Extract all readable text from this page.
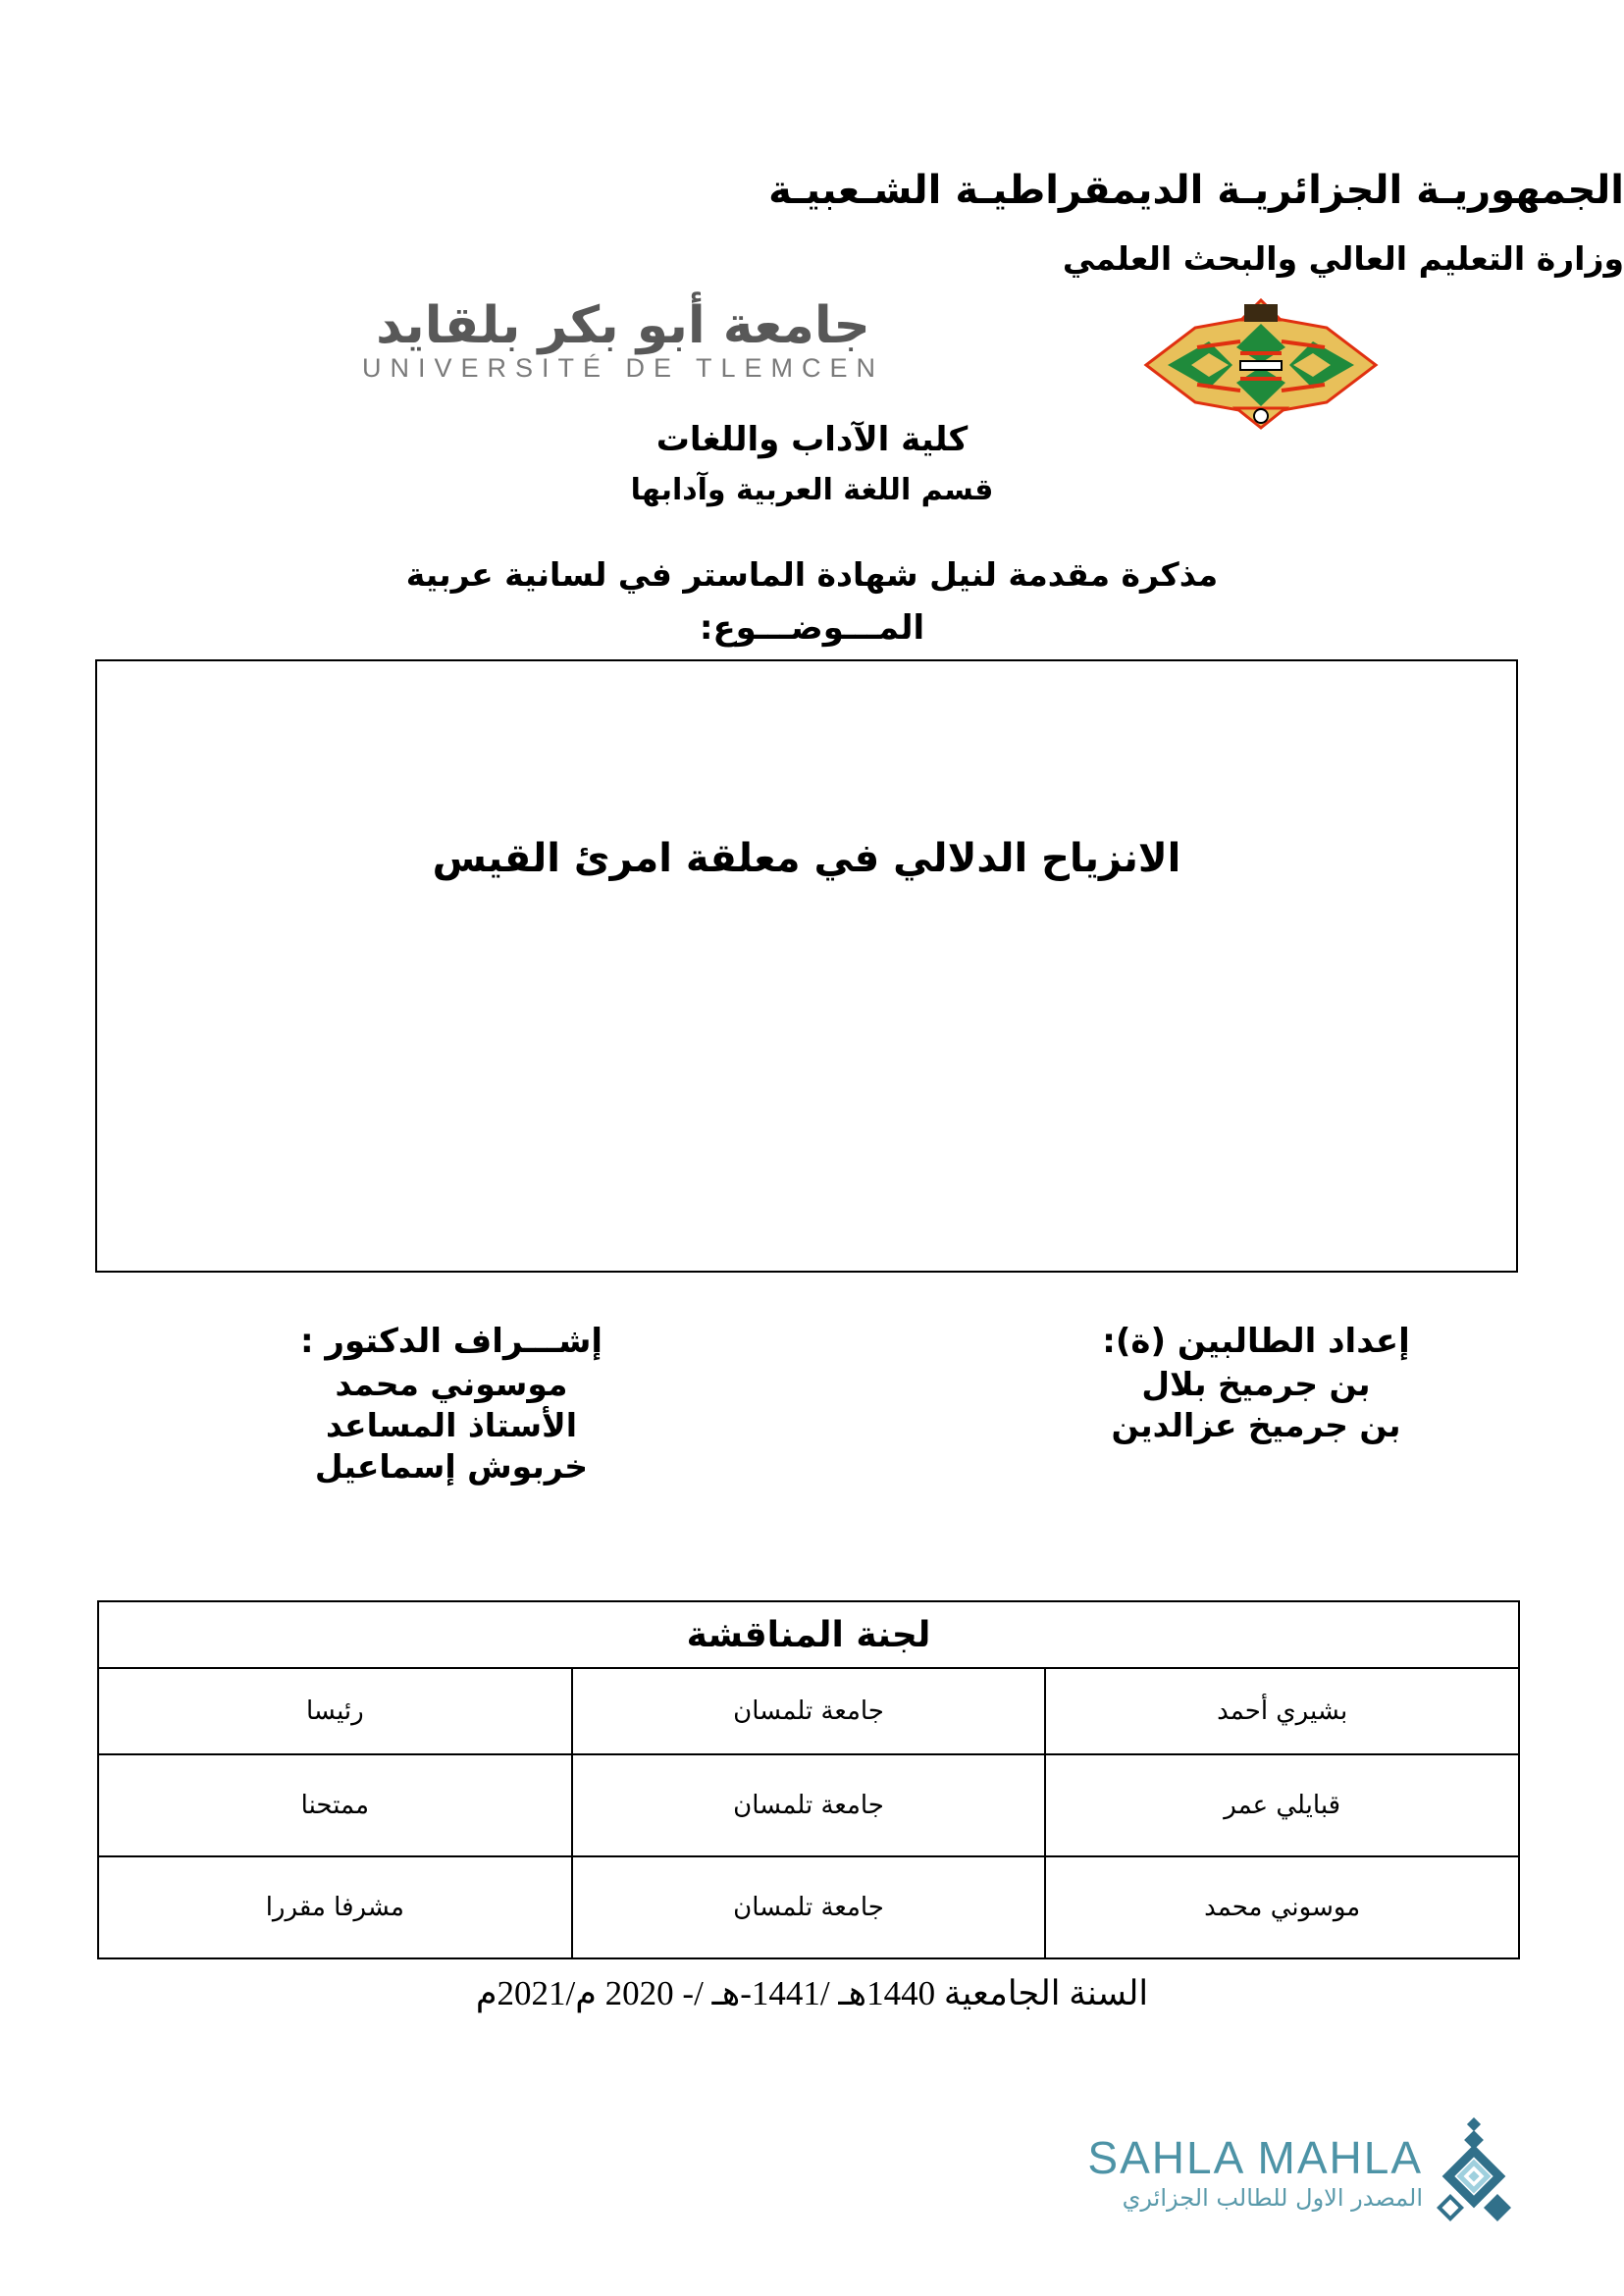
الجمهوريـة الجزائريـة الديمقراطيـة الشـعبيـة
وزارة التعليم العالي والبحث العلمي
جامعة أبو بكر بلقايد
UNIVERSITÉ DE TLEMCEN
كلية الآداب واللغات
قسم اللغة العربية وآدابها
مذكرة مقدمة لنيل شهادة الماستر في لسانية عربية
المـــوضـــوع:
الانزياح الدلالي في معلقة امرئ القيس
إعداد الطالبين (ة):
بن جرميخ بلال
بن جرميخ عزالدين
إشـــراف الدكتور :
موسوني محمد
الأستاذ المساعد
خربوش إسماعيل
لجنة المناقشة		
بشيري أحمد	جامعة تلمسان	رئيسا
قبايلي عمر	جامعة تلمسان	ممتحنا
موسوني محمد	جامعة تلمسان	مشرفا مقررا
السنة الجامعية 1440هـ /1441-هـ /- 2020 م/2021م
SAHLA MAHLA
المصدر الاول للطالب الجزائري
